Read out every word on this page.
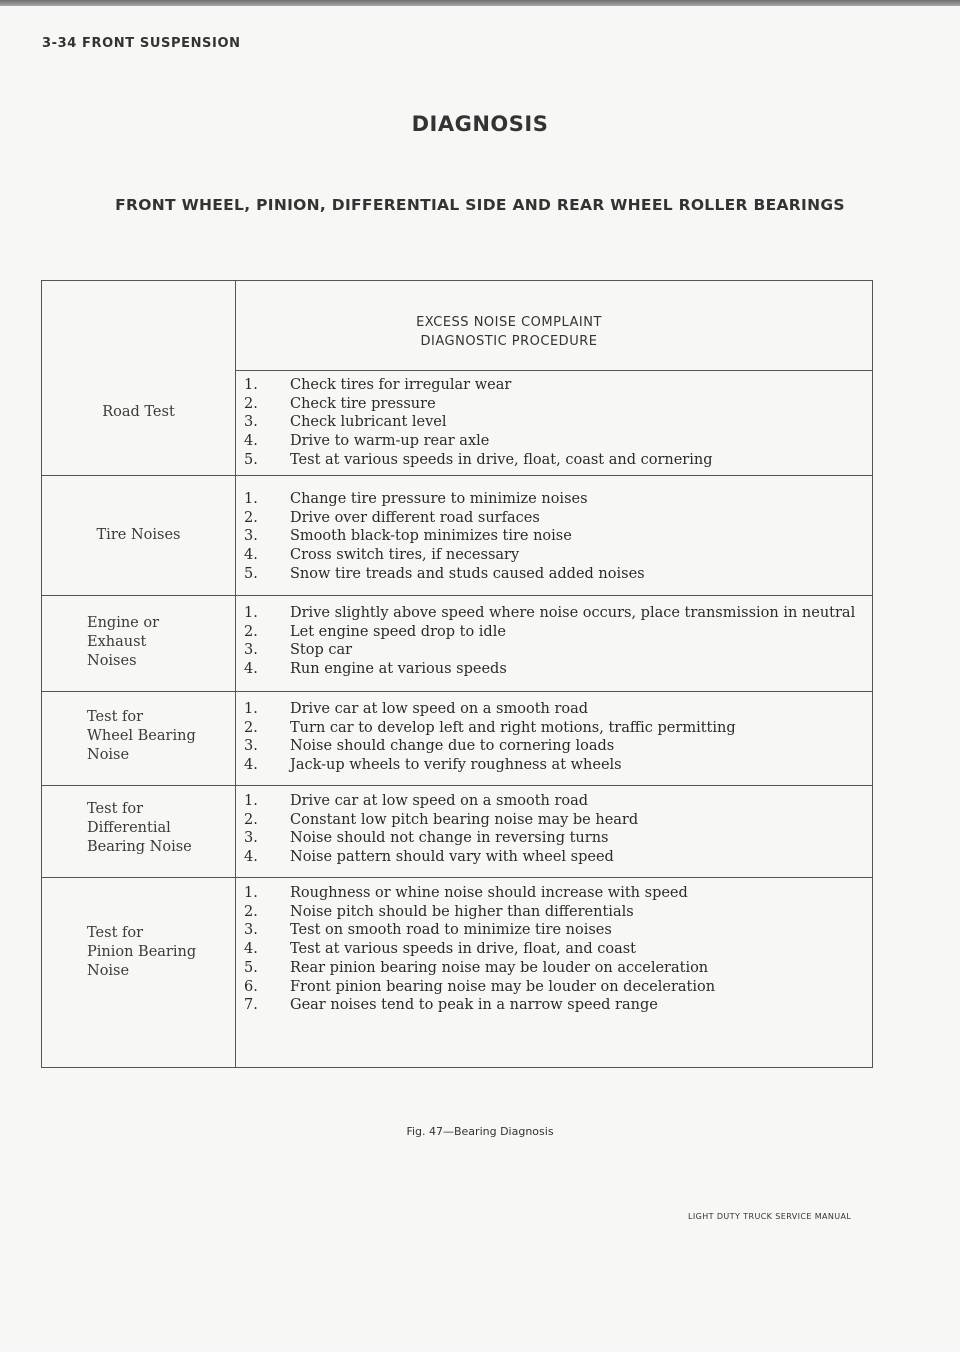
3-34 FRONT SUSPENSION
DIAGNOSIS
FRONT WHEEL, PINION, DIFFERENTIAL SIDE AND REAR WHEEL ROLLER BEARINGS
EXCESS NOISE COMPLAINT
DIAGNOSTIC PROCEDURE
Road Test
1.	Check tires for irregular wear
2.	Check tire pressure
3.	Check lubricant level
4.	Drive to warm-up rear axle
5.	Test at various speeds in drive, float, coast and cornering
Tire Noises
1.	Change tire pressure to minimize noises
2.	Drive over different road surfaces
3.	Smooth black-top minimizes tire noise
4.	Cross switch tires, if necessary
5.	Snow tire treads and studs caused added noises
Engine or
Exhaust
Noises
1.	Drive slightly above speed where noise occurs, place transmission in neutral
2.	Let engine speed drop to idle
3.	Stop car
4.	Run engine at various speeds
Test for
Wheel Bearing
Noise
1.	Drive car at low speed on a smooth road
2.	Turn car to develop left and right motions, traffic permitting
3.	Noise should change due to cornering loads
4.	Jack-up wheels to verify roughness at wheels
Test for
Differential
Bearing Noise
1.	Drive car at low speed on a smooth road
2.	Constant low pitch bearing noise may be heard
3.	Noise should not change in reversing turns
4.	Noise pattern should vary with wheel speed
Test for
Pinion Bearing
Noise
1.	Roughness or whine noise should increase with speed
2.	Noise pitch should be higher than differentials
3.	Test on smooth road to minimize tire noises
4.	Test at various speeds in drive, float, and coast
5.	Rear pinion bearing noise may be louder on acceleration
6.	Front pinion bearing noise may be louder on deceleration
7.	Gear noises tend to peak in a narrow speed range
Fig. 47—Bearing Diagnosis
LIGHT DUTY TRUCK SERVICE MANUAL
